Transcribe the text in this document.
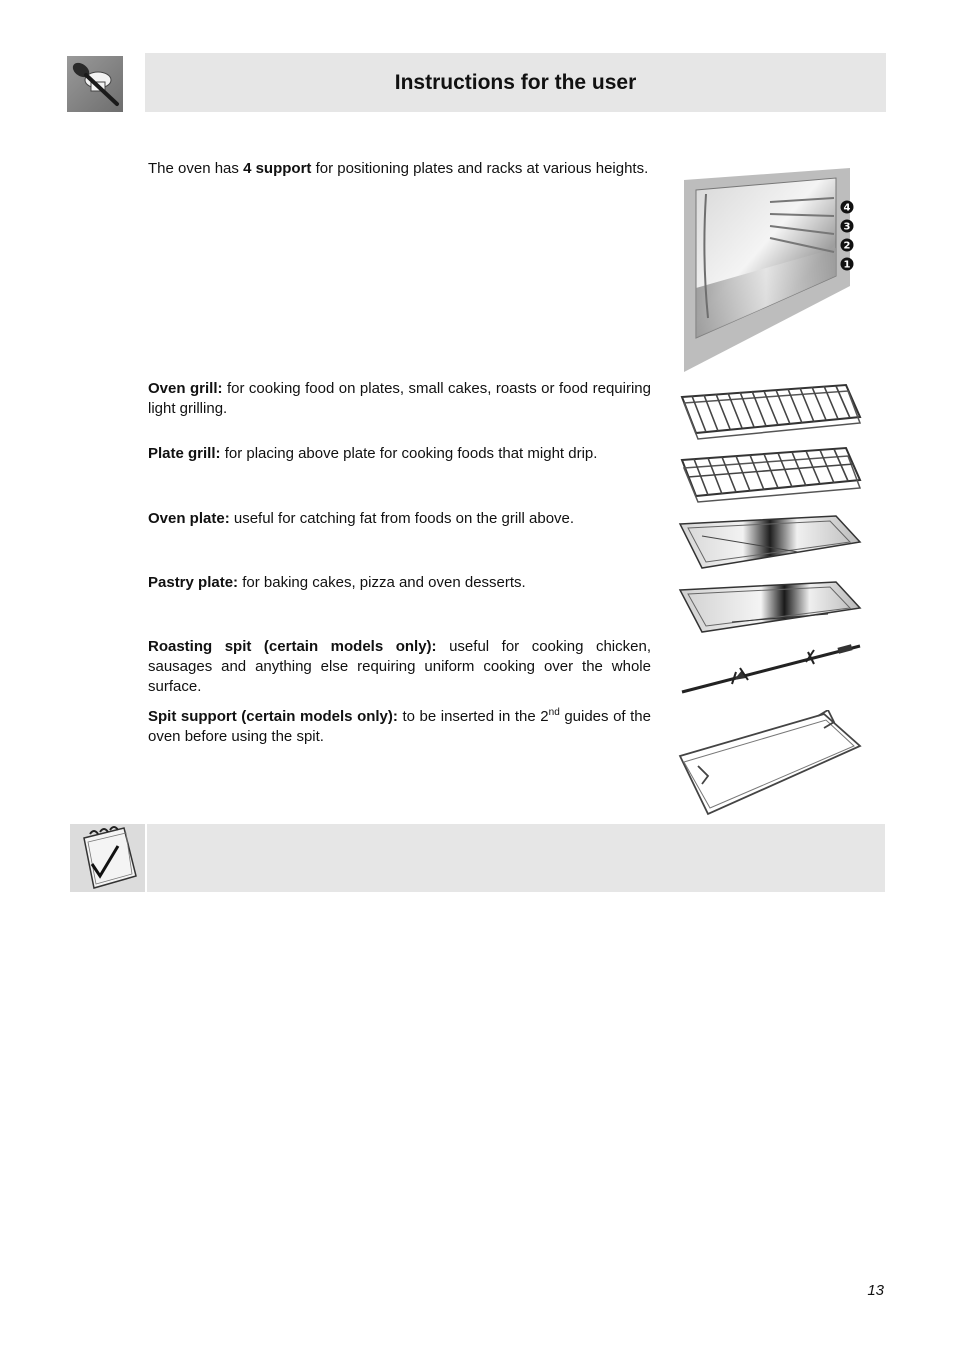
Instructions for the user

The oven has 4 support for positioning plates and racks at various heights.

4
3
2
1

Oven grill: for cooking food on plates, small cakes, roasts or food requiring light grilling.

Plate grill: for placing above plate for cooking foods that might drip.

Oven plate: useful for catching fat from foods on the grill above.

Pastry plate: for baking cakes, pizza and oven desserts.

Roasting spit (certain models only): useful for cooking chicken, sausages and anything else requiring uniform cooking over the whole surface.

Spit support (certain models only): to be inserted in the 2nd guides of the oven before using the spit.

13
